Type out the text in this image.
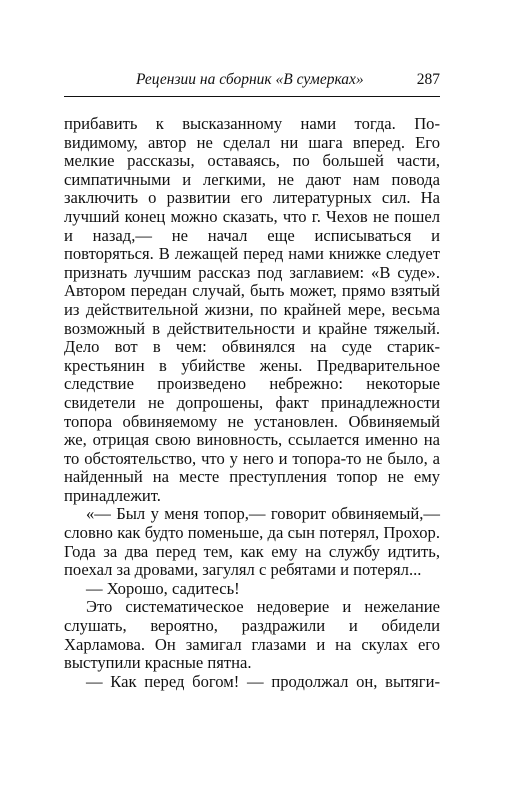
Рецензии на сборник «В сумерках»	287

прибавить к высказанному нами тогда. По-видимому, автор не сделал ни шага вперед. Его мелкие рассказы, оставаясь, по большей части, симпатичными и легкими, не дают нам повода заключить о развитии его литературных сил. На лучший конец можно сказать, что г. Чехов не пошел и назад,— не начал еще исписываться и повторяться. В лежащей перед нами книжке следует признать лучшим рассказ под заглавием: «В суде». Автором передан случай, быть может, прямо взятый из действительной жизни, по крайней мере, весьма возможный в действительности и крайне тяжелый. Дело вот в чем: обвинялся на суде старик-крестьянин в убийстве жены. Предварительное следствие произведено небрежно: некоторые свидетели не допрошены, факт принадлежности топора обвиняемому не установлен. Обвиняемый же, отрицая свою виновность, ссылается именно на то обстоятельство, что у него и топора-то не было, а найденный на месте преступления топор не ему принадлежит.

«— Был у меня топор,— говорит обвиняемый,— словно как будто поменьше, да сын потерял, Прохор. Года за два перед тем, как ему на службу идтить, поехал за дровами, загулял с ребятами и потерял...

— Хорошо, садитесь!

Это систематическое недоверие и нежелание слушать, вероятно, раздражили и обидели Харламова. Он замигал глазами и на скулах его выступили красные пятна.

— Как перед богом! — продолжал он, вытяги-
